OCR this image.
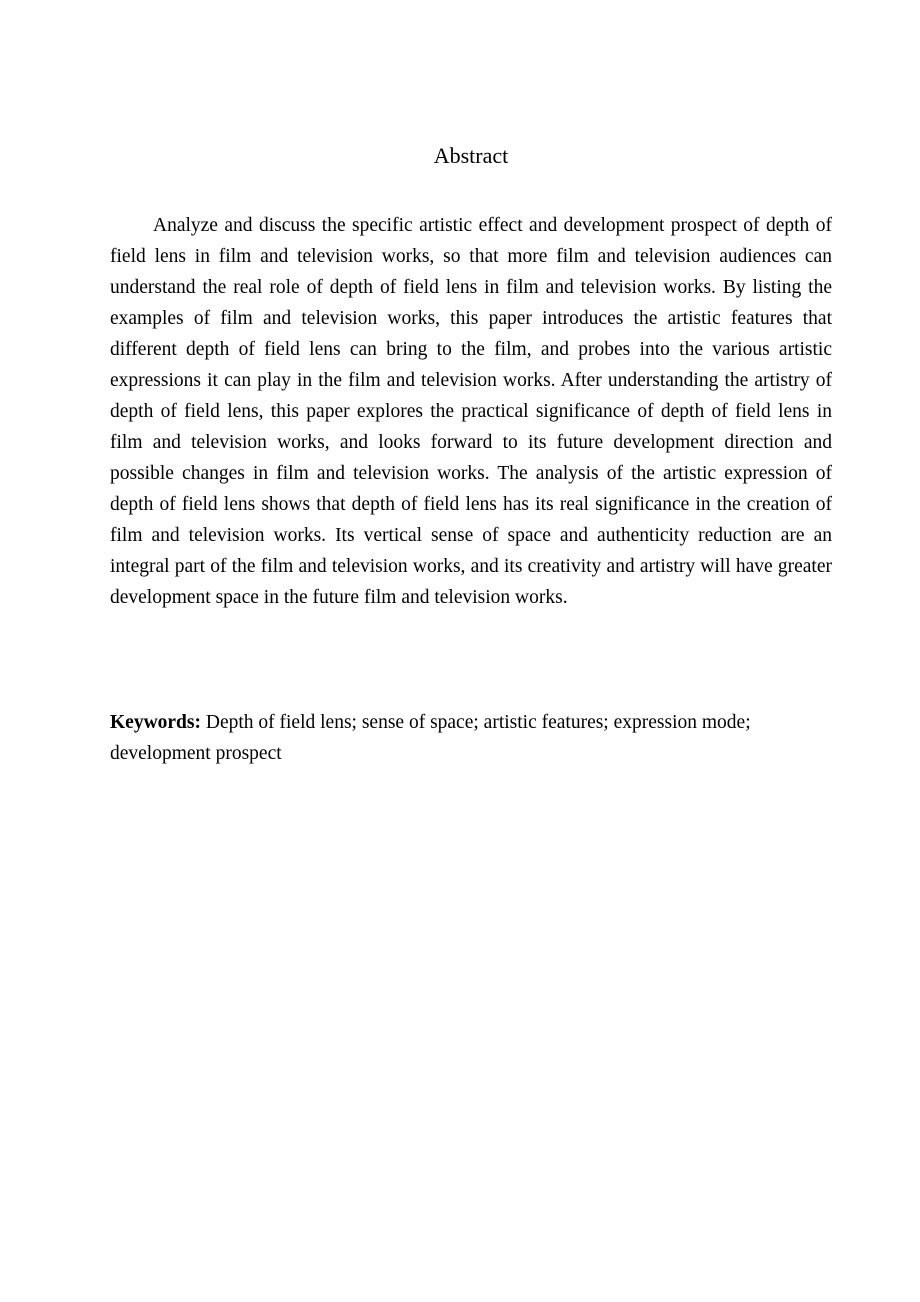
Abstract

Analyze and discuss the specific artistic effect and development prospect of depth of field lens in film and television works, so that more film and television audiences can understand the real role of depth of field lens in film and television works. By listing the examples of film and television works, this paper introduces the artistic features that different depth of field lens can bring to the film, and probes into the various artistic expressions it can play in the film and television works. After understanding the artistry of depth of field lens, this paper explores the practical significance of depth of field lens in film and television works, and looks forward to its future development direction and possible changes in film and television works. The analysis of the artistic expression of depth of field lens shows that depth of field lens has its real significance in the creation of film and television works. Its vertical sense of space and authenticity reduction are an integral part of the film and television works, and its creativity and artistry will have greater development space in the future film and television works.

Keywords: Depth of field lens; sense of space; artistic features; expression mode; development prospect
